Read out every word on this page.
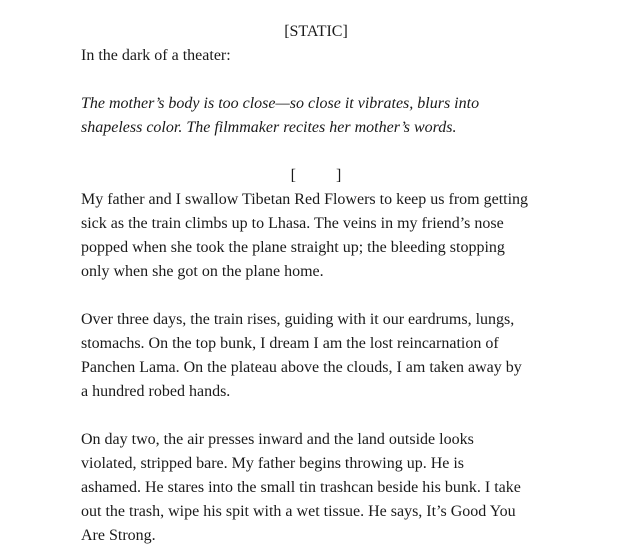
[STATIC]
In the dark of a theater:
The mother’s body is too close—so close it vibrates, blurs into
shapeless color. The filmmaker recites her mother’s words.
[          ]
My father and I swallow Tibetan Red Flowers to keep us from getting
sick as the train climbs up to Lhasa. The veins in my friend’s nose
popped when she took the plane straight up; the bleeding stopping
only when she got on the plane home.
Over three days, the train rises, guiding with it our eardrums, lungs,
stomachs. On the top bunk, I dream I am the lost reincarnation of
Panchen Lama. On the plateau above the clouds, I am taken away by
a hundred robed hands.
On day two, the air presses inward and the land outside looks
violated, stripped bare. My father begins throwing up. He is
ashamed. He stares into the small tin trashcan beside his bunk. I take
out the trash, wipe his spit with a wet tissue. He says, It’s Good You
Are Strong.
